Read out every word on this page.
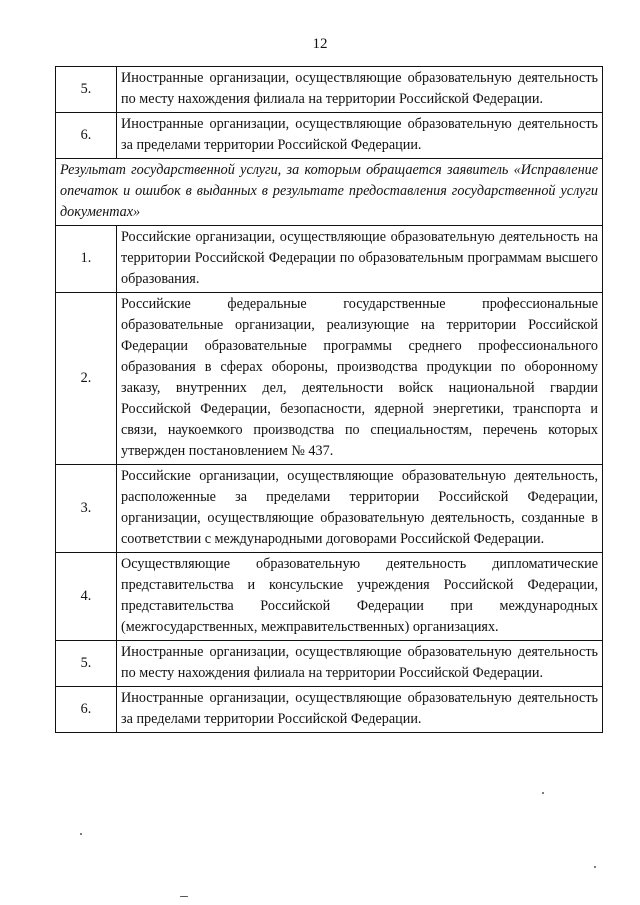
12
5.	Иностранные организации, осуществляющие образовательную деятельность по месту нахождения филиала на территории Российской Федерации.
6.	Иностранные организации, осуществляющие образовательную деятельность за пределами территории Российской Федерации.
Результат государственной услуги, за которым обращается заявитель «Исправление опечаток и ошибок в выданных в результате предоставления государственной услуги документах»	
1.	Российские организации, осуществляющие образовательную деятельность на территории Российской Федерации по образовательным программам высшего образования.
2.	Российские федеральные государственные профессиональные образовательные организации, реализующие на территории Российской Федерации образовательные программы среднего профессионального образования в сферах обороны, производства продукции по оборонному заказу, внутренних дел, деятельности войск национальной гвардии Российской Федерации, безопасности, ядерной энергетики, транспорта и связи, наукоемкого производства по специальностям, перечень которых утвержден постановлением № 437.
3.	Российские организации, осуществляющие образовательную деятельность, расположенные за пределами территории Российской Федерации, организации, осуществляющие образовательную деятельность, созданные в соответствии с международными договорами Российской Федерации.
4.	Осуществляющие образовательную деятельность дипломатические представительства и консульские учреждения Российской Федерации, представительства Российской Федерации при международных (межгосударственных, межправительственных) организациях.
5.	Иностранные организации, осуществляющие образовательную деятельность по месту нахождения филиала на территории Российской Федерации.
6.	Иностранные организации, осуществляющие образовательную деятельность за пределами территории Российской Федерации.
